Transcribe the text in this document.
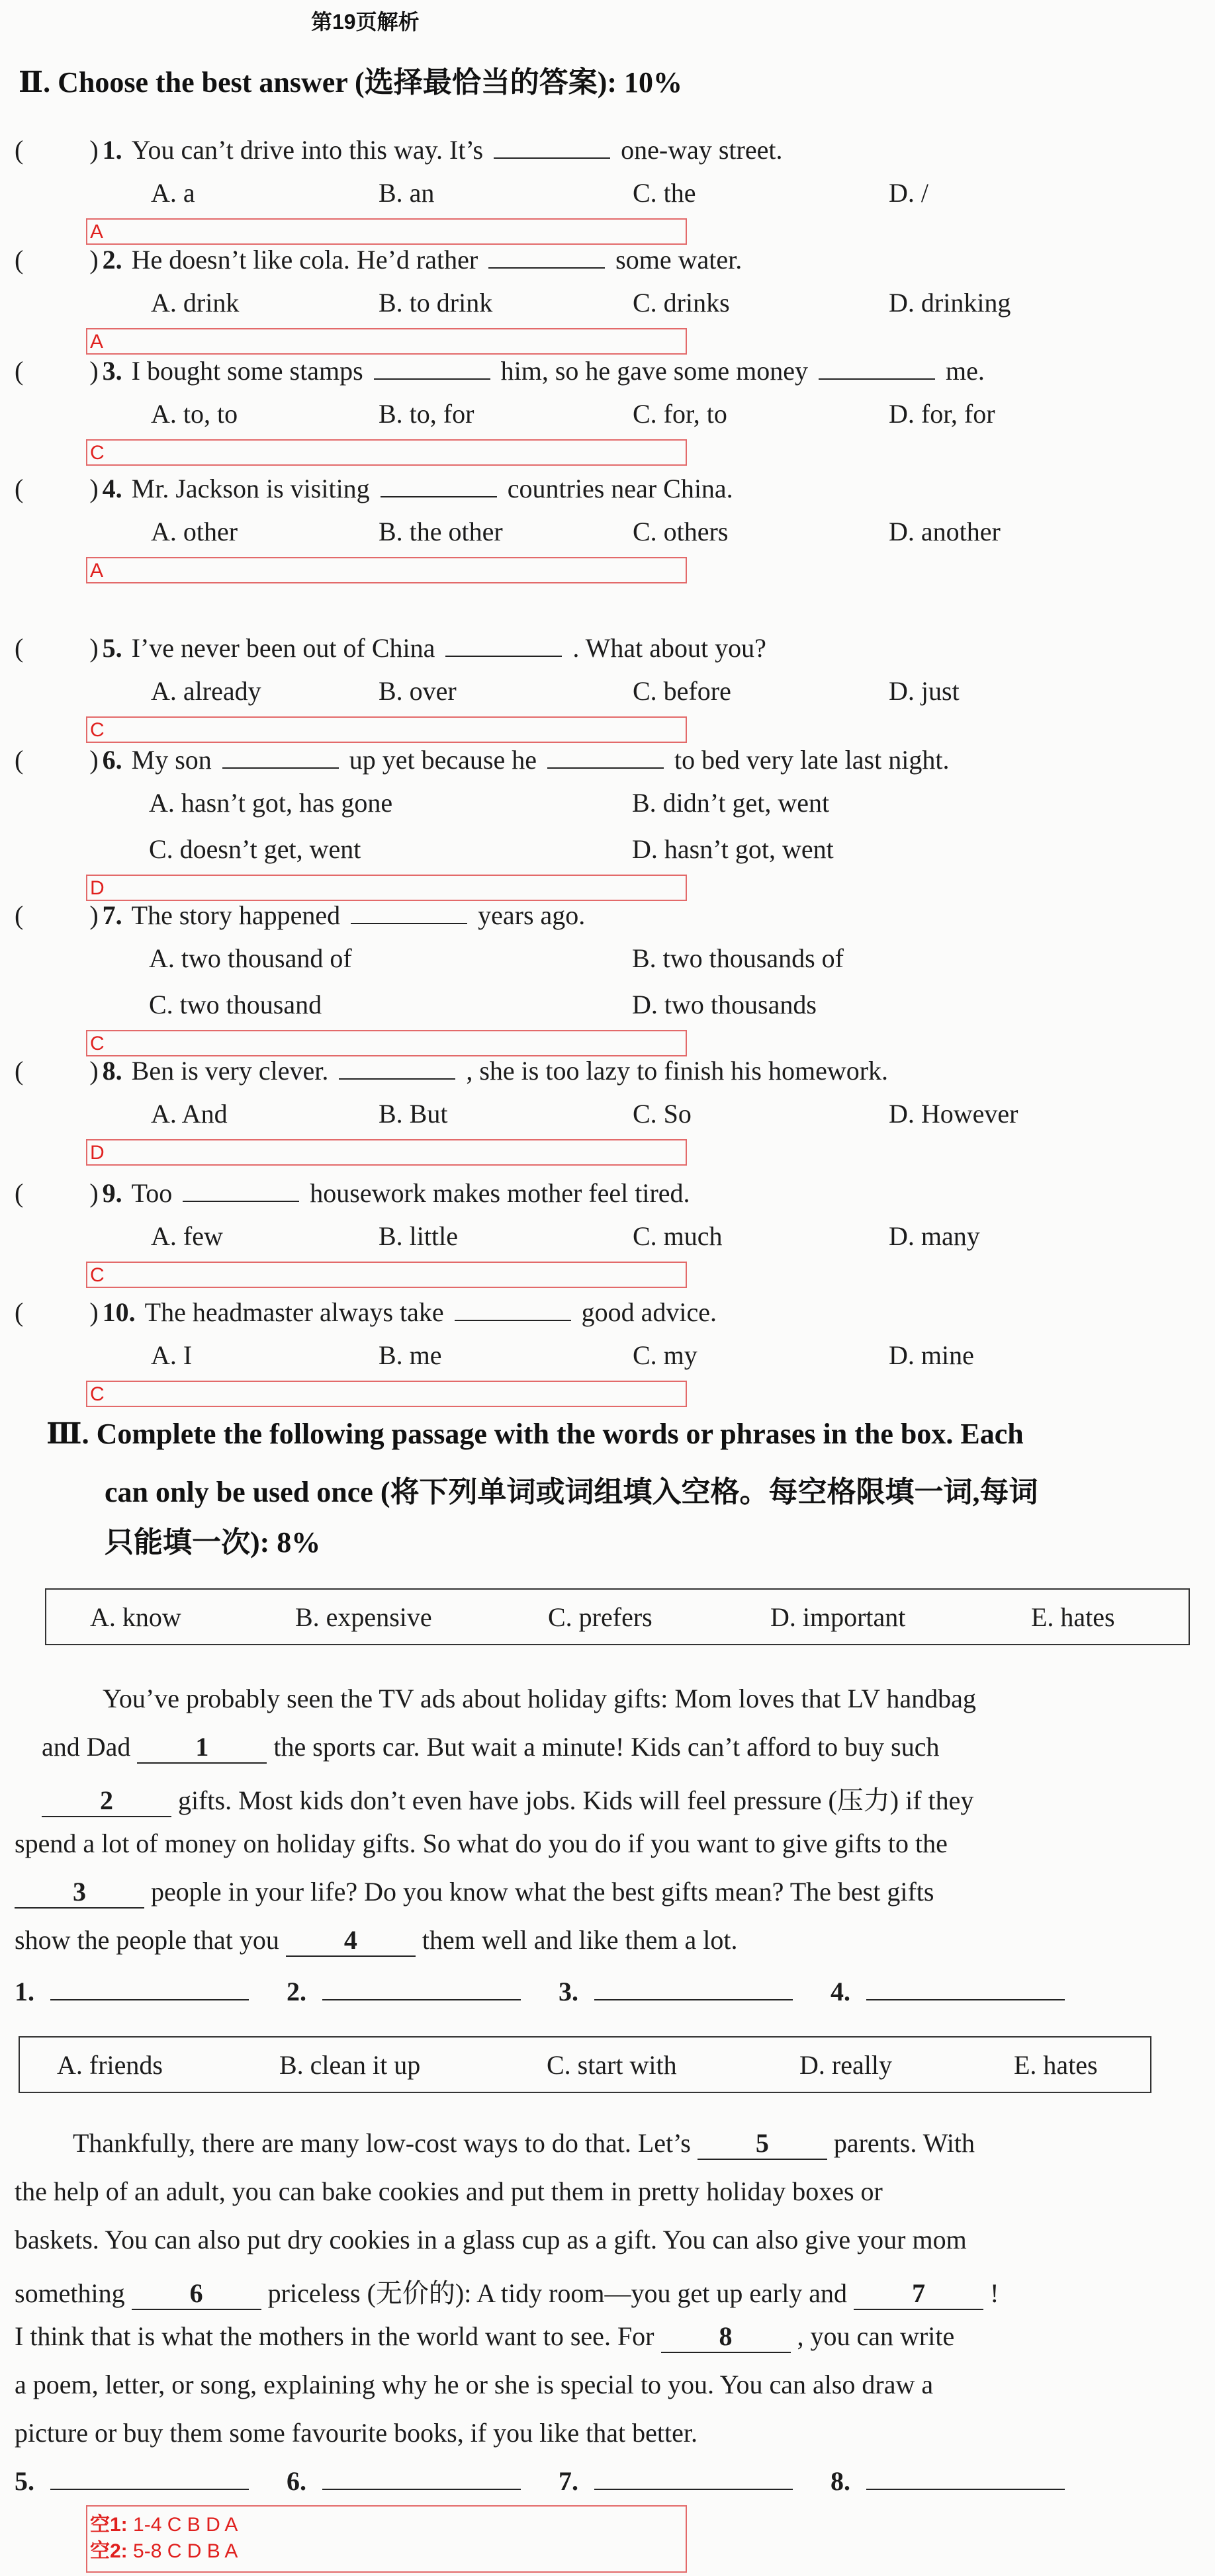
第19页解析
Ⅱ. Choose the best answer (选择最恰当的答案): 10%
(	) 1. You can’t drive into this way. It’s	one-way street.
A. a	B. an	C. the	D. /
A
(	) 2. He doesn’t like cola. He’d rather	some water.
A. drink	B. to drink	C. drinks	D. drinking
A
(	) 3. I bought some stamps	him, so he gave some money	me.
A. to, to	B. to, for	C. for, to	D. for, for
C
(	) 4. Mr. Jackson is visiting	countries near China.
A. other	B. the other	C. others	D. another
A
(	) 5. I’ve never been out of China	. What about you?
A. already	B. over	C. before	D. just
C
(	) 6. My son	up yet because he	to bed very late last night.
A. hasn’t got, has gone	B. didn’t get, went
C. doesn’t get, went	D. hasn’t got, went
D
(	) 7. The story happened	years ago.
A. two thousand of	B. two thousands of
C. two thousand	D. two thousands
C
(	) 8. Ben is very clever.	, she is too lazy to finish his homework.
A. And	B. But	C. So	D. However
D
(	) 9. Too	housework makes mother feel tired.
A. few	B. little	C. much	D. many
C
(	) 10. The headmaster always take	good advice.
A. I	B. me	C. my	D. mine
C
Ⅲ. Complete the following passage with the words or phrases in the box. Each
can only be used once (将下列单词或词组填入空格。每空格限填一词,每词
只能填一次): 8%
A. know	B. expensive	C. prefers	D. important	E. hates
You’ve probably seen the TV ads about holiday gifts: Mom loves that LV handbag
and Dad 1 the sports car. But wait a minute! Kids can’t afford to buy such
2 gifts. Most kids don’t even have jobs. Kids will feel pressure (压力) if they
spend a lot of money on holiday gifts. So what do you do if you want to give gifts to the
3 people in your life? Do you know what the best gifts mean? The best gifts
show the people that you 4 them well and like them a lot.
1.	2.	3.	4.
A. friends	B. clean it up	C. start with	D. really	E. hates
Thankfully, there are many low-cost ways to do that. Let’s 5 parents. With
the help of an adult, you can bake cookies and put them in pretty holiday boxes or
baskets. You can also put dry cookies in a glass cup as a gift. You can also give your mom
something 6 priceless (无价的): A tidy room—you get up early and 7 !
I think that is what the mothers in the world want to see. For 8 , you can write
a poem, letter, or song, explaining why he or she is special to you. You can also draw a
picture or buy them some favourite books, if you like that better.
5.	6.	7.	8.
空1: 1-4 C B D A
空2: 5-8 C D B A
